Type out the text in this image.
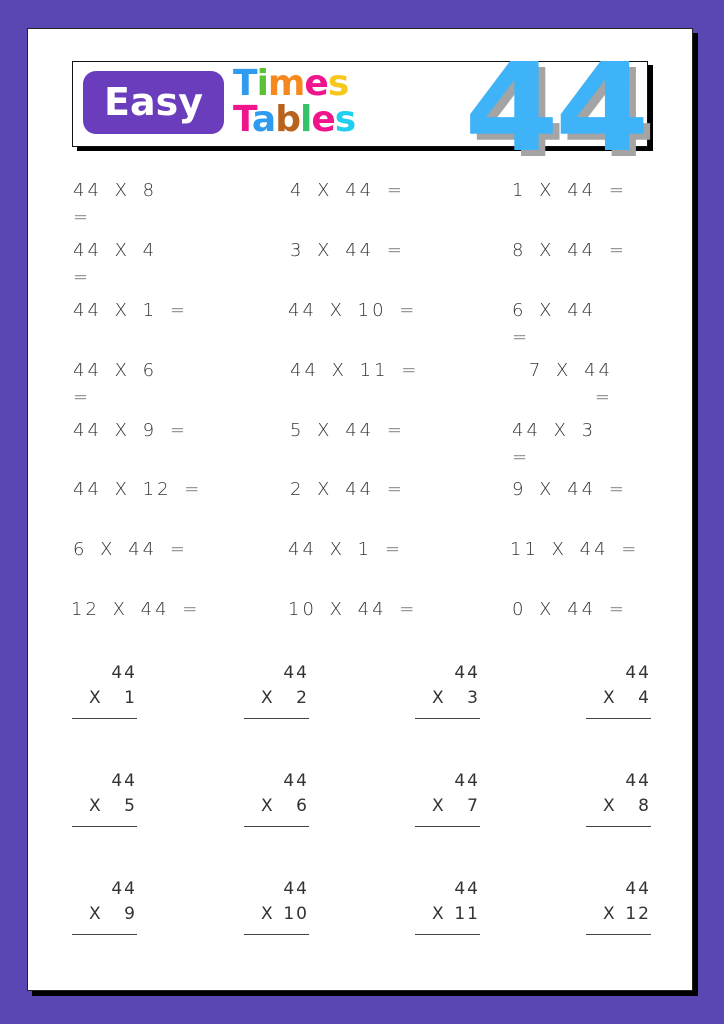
Easy Times
Tables 44
44 X 8 =
44 X 4 =
44 X 1 =
44 X 6 =
44 X 9 =
44 X 12 =
6 X 44 =
12 X 44 =
4 X 44 =
3 X 44 =
44 X 10 =
44 X 11 =
5 X 44 =
2 X 44 =
44 X 1 =
10 X 44 =
1 X 44 =
8 X 44 =
6 X 44 =
7 X 44 =
44 X 3 =
9 X 44 =
11 X 44 =
0 X 44 =
44
X 1
44
X 2
44
X 3
44
X 4
44
X 5
44
X 6
44
X 7
44
X 8
44
X 9
44
X 10
44
X 11
44
X 12
